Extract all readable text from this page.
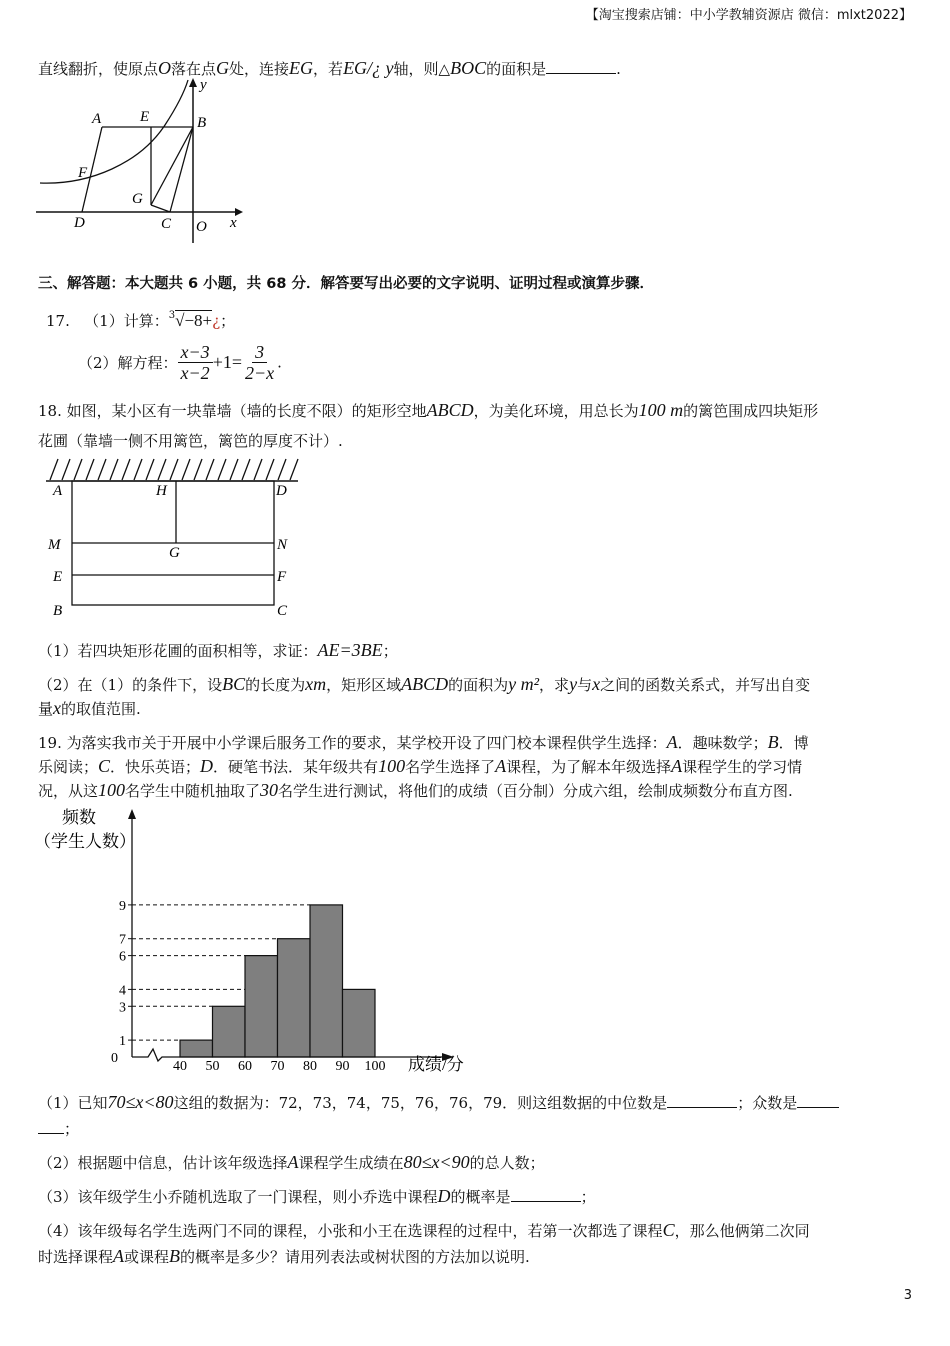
【淘宝搜索店铺：中小学教辅资源店 微信：mlxt2022】
直线翻折，使原点O落在点G处，连接EG，若EG/¿ y轴，则△BOC的面积是	.
A	E	B
y
F
G
D	C O x
三、解答题：本大题共 6 小题，共 68 分．解答要写出必要的文字说明、证明过程或演算步骤．
17. （1）计算：$^3$√−8+¿；
（2）解方程： $\frac{x-3}{x-2} +1= \frac{3}{2-x}$ .
18. 如图，某小区有一块靠墙（墙的长度不限）的矩形空地ABCD，为美化环境，用总长为100 m的篱笆围成四块矩形
花圃（靠墙一侧不用篱笆，篱笆的厚度不计）.
A	H	D
M	G	N
E	F
B	C
（1）若四块矩形花圃的面积相等，求证：AE=3BE；
（2）在（1）的条件下，设BC的长度为xm，矩形区域ABCD的面积为y m²，求y与x之间的函数关系式，并写出自变
量x的取值范围.
19. 为落实我市关于开展中小学课后服务工作的要求，某学校开设了四门校本课程供学生选择：A．趣味数学；B．博
乐阅读；C．快乐英语；D．硬笔书法．某年级共有100名学生选择了A课程，为了解本年级选择A课程学生的学习情
况，从这100名学生中随机抽取了30名学生进行测试，将他们的成绩（百分制）分成六组，绘制成频数分布直方图.
频数
（学生人数）
40 50 60 70 80 90 100
0
1
3
4
6
7
9
成绩/分
（1）已知70≤x<80这组的数据为：72，73，74，75，76，76，79．则这组数据的中位数是	；众数是
；
（2）根据题中信息，估计该年级选择A课程学生成绩在80≤x<90的总人数；
（3）该年级学生小乔随机选取了一门课程，则小乔选中课程D的概率是	；
（4）该年级每名学生选两门不同的课程，小张和小王在选课程的过程中，若第一次都选了课程C，那么他俩第二次同
时选择课程A或课程B的概率是多少？请用列表法或树状图的方法加以说明.
3
